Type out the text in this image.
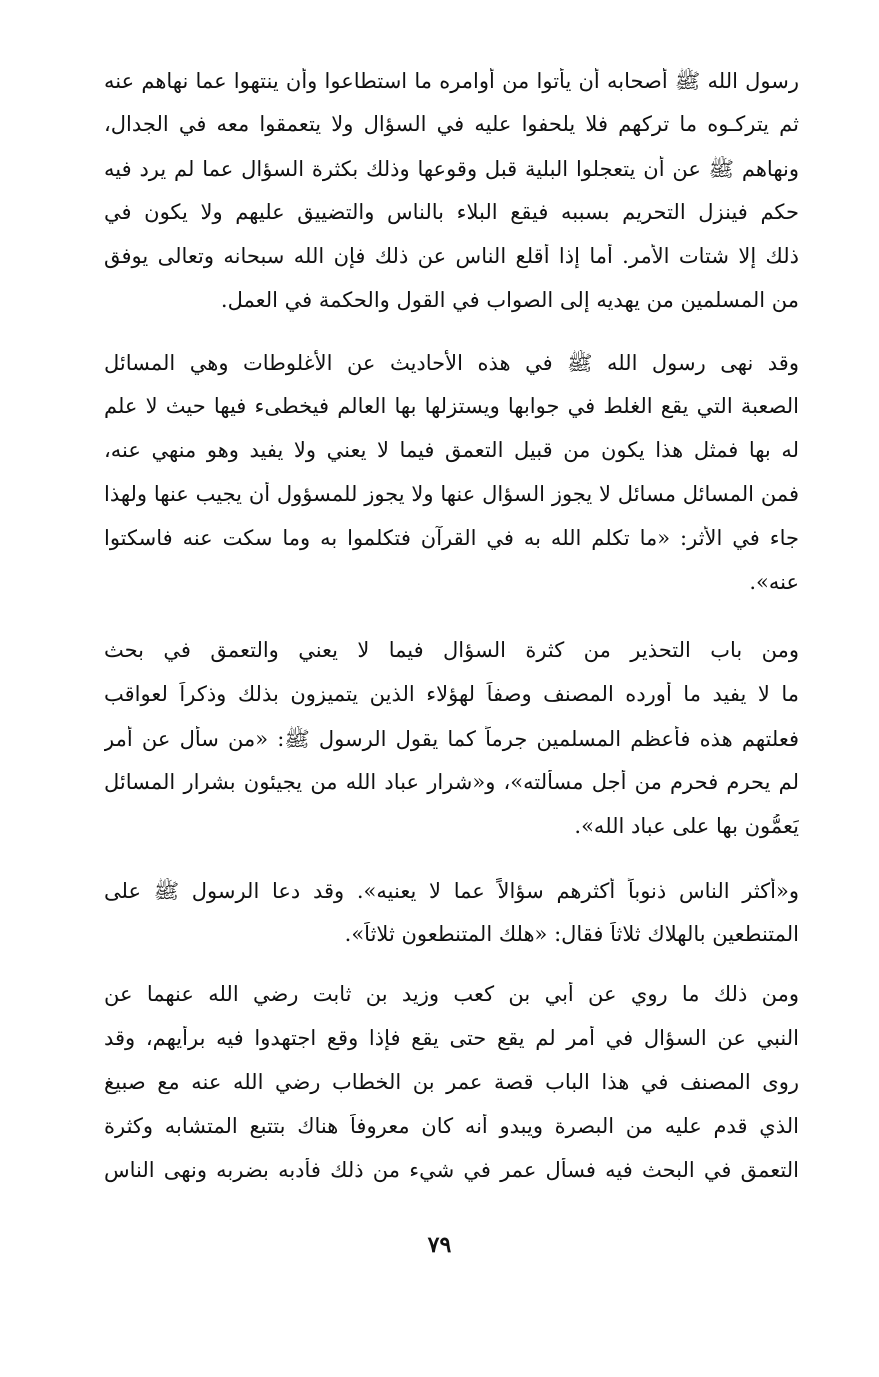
رسول الله ﷺ أصحابه أن يأتوا من أوامره ما استطاعوا وأن ينتهوا عما نهاهم عنه
ثم يتركـوه ما تركهم فلا يلحفوا عليه في السؤال ولا يتعمقوا معه في الجدال،
ونهاهم ﷺ عن أن يتعجلوا البلية قبل وقوعها وذلك بكثرة السؤال عما لم يرد فيه
حكم فينزل التحريم بسببه فيقع البلاء بالناس والتضييق عليهم ولا يكون في
ذلك إلا شتات الأمر. أما إذا أقلع الناس عن ذلك فإن الله سبحانه وتعالى يوفق
من المسلمين من يهديه إلى الصواب في القول والحكمة في العمل.
وقد نهى رسول الله ﷺ في هذه الأحاديث عن الأغلوطات وهي المسائل
الصعبة التي يقع الغلط في جوابها ويستزلها بها العالم فيخطىء فيها حيث لا علم
له بها فمثل هذا يكون من قبيل التعمق فيما لا يعني ولا يفيد وهو منهي عنه،
فمن المسائل مسائل لا يجوز السؤال عنها ولا يجوز للمسؤول أن يجيب عنها ولهذا
جاء في الأثر: «ما تكلم الله به في القرآن فتكلموا به وما سكت عنه فاسكتوا
عنه».
ومن باب التحذير من كثرة السؤال فيما لا يعني والتعمق في بحث
ما لا يفيد ما أورده المصنف وصفاً لهؤلاء الذين يتميزون بذلك وذكراً لعواقب
فعلتهم هذه فأعظم المسلمين جرماً كما يقول الرسول ﷺ: «من سأل عن أمر
لم يحرم فحرم من أجل مسألته»، و«شرار عباد الله من يجيئون بشرار المسائل
يَعمُّون بها على عباد الله».
و«أكثر الناس ذنوباً أكثرهم سؤالاً عما لا يعنيه». وقد دعا الرسول ﷺ على
المتنطعين بالهلاك ثلاثاً فقال: «هلك المتنطعون ثلاثاً».
ومن ذلك ما روي عن أبي بن كعب وزيد بن ثابت رضي الله عنهما عن
النبي عن السؤال في أمر لم يقع حتى يقع فإذا وقع اجتهدوا فيه برأيهم، وقد
روى المصنف في هذا الباب قصة عمر بن الخطاب رضي الله عنه مع صبيغ
الذي قدم عليه من البصرة ويبدو أنه كان معروفاً هناك بتتبع المتشابه وكثرة
التعمق في البحث فيه فسأل عمر في شيء من ذلك فأدبه بضربه ونهى الناس
٧٩
